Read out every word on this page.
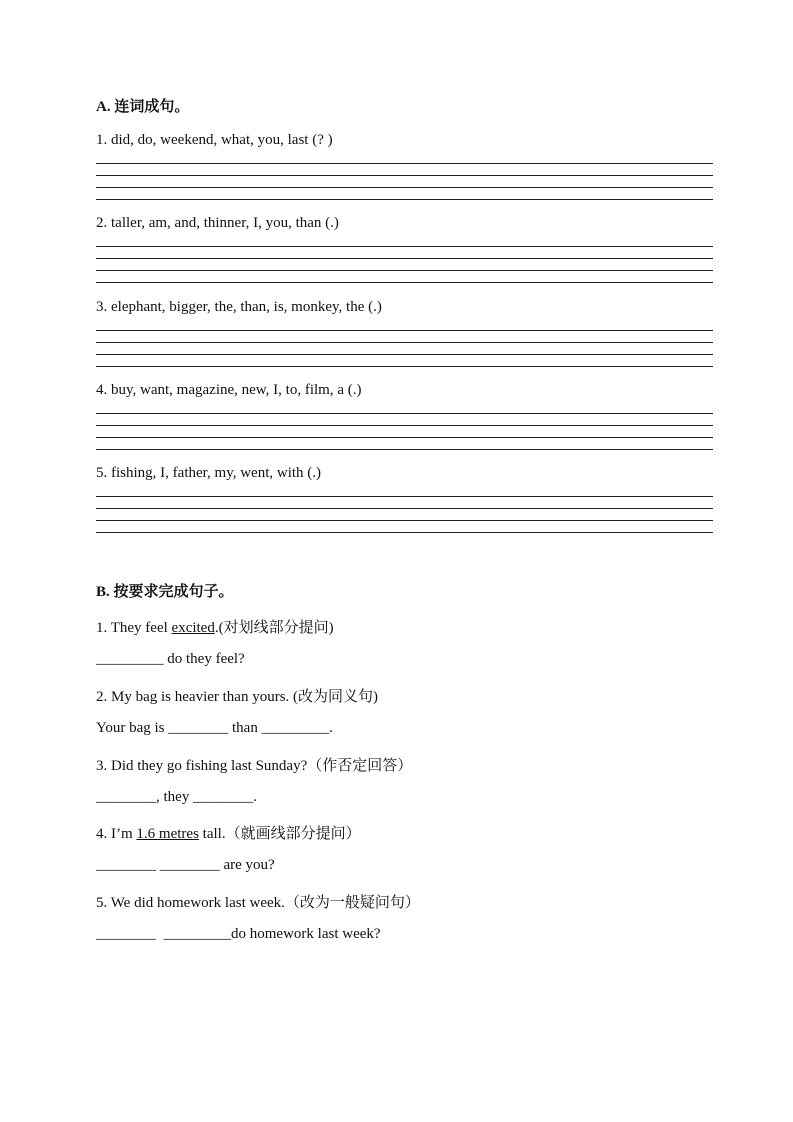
A. 连词成句。
1. did, do, weekend, what, you, last (? )
2. taller, am, and, thinner, I, you, than (.)
3. elephant, bigger, the, than, is, monkey, the (.)
4. buy, want, magazine, new, I, to, film, a (.)
5. fishing, I, father, my, went, with (.)
B. 按要求完成句子。
1. They feel excited.(对划线部分提问)
_________ do they feel?
2. My bag is heavier than yours. (改为同义句)
Your bag is ________ than _________.
3. Did they go fishing last Sunday?（作否定回答）
________, they ________.
4. I’m 1.6 metres tall.（就画线部分提问）
________ ________ are you?
5. We did homework last week.（改为一般疑问句）
________  _________do homework last week?
